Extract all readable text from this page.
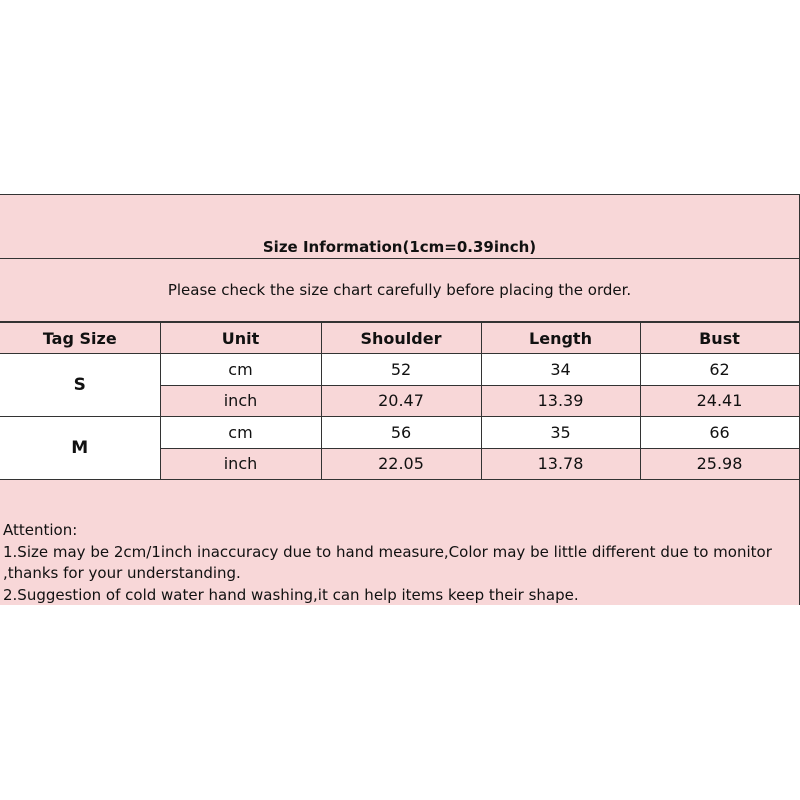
Size Information(1cm=0.39inch)
Please check the size chart carefully before placing the order.
Tag Size	Unit	Shoulder	Length	Bust
S	cm	52	34	62
	inch	20.47	13.39	24.41
M	cm	56	35	66
	inch	22.05	13.78	25.98
Attention:
1.Size may be 2cm/1inch inaccuracy due to hand measure,Color may be little different due to monitor
,thanks for your understanding.
2.Suggestion of cold water hand washing,it can help items keep their shape.
